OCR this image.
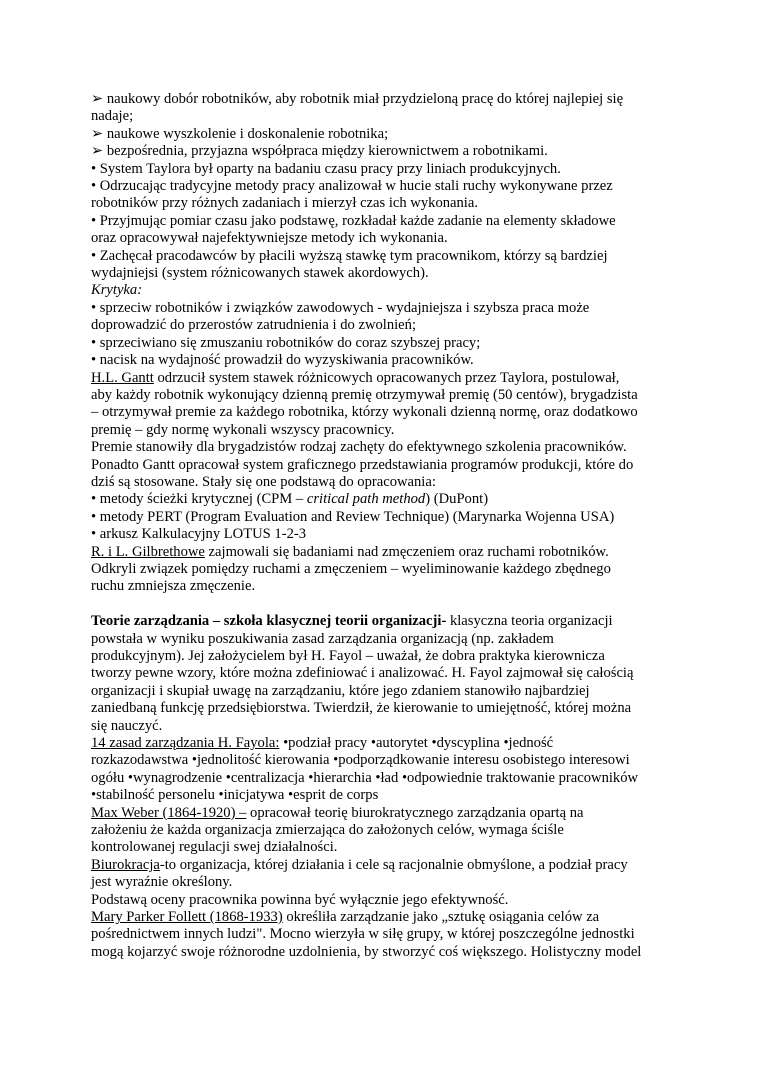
➢ naukowy dobór robotników, aby robotnik miał przydzieloną pracę do której najlepiej się
nadaje;
➢ naukowe wyszkolenie i doskonalenie robotnika;
➢ bezpośrednia, przyjazna współpraca między kierownictwem a robotnikami.
• System Taylora był oparty na badaniu czasu pracy przy liniach produkcyjnych.
• Odrzucając tradycyjne metody pracy analizował w hucie stali ruchy wykonywane przez
robotników przy różnych zadaniach i mierzył czas ich wykonania.
• Przyjmując pomiar czasu jako podstawę, rozkładał każde zadanie na elementy składowe
oraz opracowywał najefektywniejsze metody ich wykonania.
• Zachęcał pracodawców by płacili wyższą stawkę tym pracownikom, którzy są bardziej
wydajniejsi (system różnicowanych stawek akordowych).
Krytyka:
• sprzeciw robotników i związków zawodowych - wydajniejsza i szybsza praca może
doprowadzić do przerostów zatrudnienia i do zwolnień;
• sprzeciwiano się zmuszaniu robotników do coraz szybszej pracy;
• nacisk na wydajność prowadził do wyzyskiwania pracowników.
H.L. Gantt odrzucił system stawek różnicowych opracowanych przez Taylora, postulował,
aby każdy robotnik wykonujący dzienną premię otrzymywał premię (50 centów), brygadzista
– otrzymywał premie za każdego robotnika, którzy wykonali dzienną normę, oraz dodatkowo
premię – gdy normę wykonali wszyscy pracownicy.
Premie stanowiły dla brygadzistów rodzaj zachęty do efektywnego szkolenia pracowników.
Ponadto Gantt opracował system graficznego przedstawiania programów produkcji, które do
dziś są stosowane. Stały się one podstawą do opracowania:
• metody ścieżki krytycznej (CPM – critical path method) (DuPont)
• metody PERT (Program Evaluation and Review Technique) (Marynarka Wojenna USA)
• arkusz Kalkulacyjny LOTUS 1-2-3
R. i L. Gilbrethowe zajmowali się badaniami nad zmęczeniem oraz ruchami robotników.
Odkryli związek pomiędzy ruchami a zmęczeniem – wyeliminowanie każdego zbędnego
ruchu zmniejsza zmęczenie.
Teorie zarządzania – szkoła klasycznej teorii organizacji- klasyczna teoria organizacji
powstała w wyniku poszukiwania zasad zarządzania organizacją (np. zakładem
produkcyjnym). Jej założycielem był H. Fayol – uważał, że dobra praktyka kierownicza
tworzy pewne wzory, które można zdefiniować i analizować. H. Fayol zajmował się całością
organizacji i skupiał uwagę na zarządzaniu, które jego zdaniem stanowiło najbardziej
zaniedbaną funkcję przedsiębiorstwa. Twierdził, że kierowanie to umiejętność, której można
się nauczyć.
14 zasad zarządzania H. Fayola: •podział pracy •autorytet •dyscyplina •jedność
rozkazodawstwa •jednolitość kierowania •podporządkowanie interesu osobistego interesowi
ogółu •wynagrodzenie •centralizacja •hierarchia •ład •odpowiednie traktowanie pracowników
•stabilność personelu •inicjatywa •esprit de corps
Max Weber (1864-1920) – opracował teorię biurokratycznego zarządzania opartą na
założeniu że każda organizacja zmierzająca do założonych celów, wymaga ściśle
kontrolowanej regulacji swej działalności.
Biurokracja-to organizacja, której działania i cele są racjonalnie obmyślone, a podział pracy
jest wyraźnie określony.
Podstawą oceny pracownika powinna być wyłącznie jego efektywność.
Mary Parker Follett (1868-1933) określiła zarządzanie jako „sztukę osiągania celów za
pośrednictwem innych ludzi". Mocno wierzyła w siłę grupy, w której poszczególne jednostki
mogą kojarzyć swoje różnorodne uzdolnienia, by stworzyć coś większego. Holistyczny model
